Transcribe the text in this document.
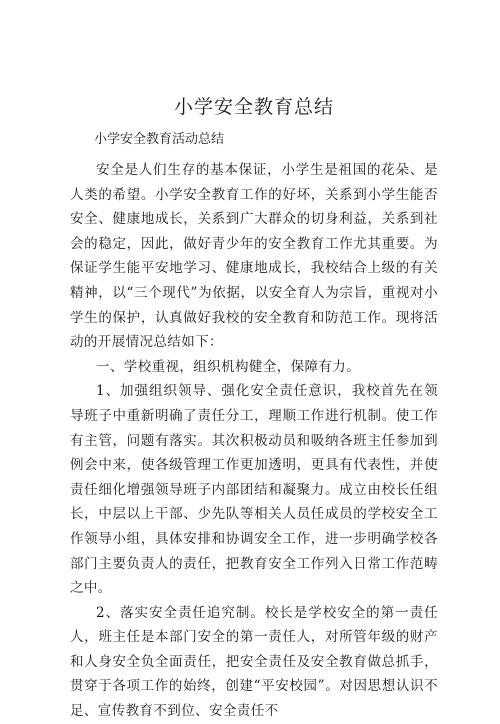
小学安全教育总结
小学安全教育活动总结

安全是人们生存的基本保证，小学生是祖国的花朵、是人类的希望。小学安全教育工作的好坏，关系到小学生能否安全、健康地成长，关系到广大群众的切身利益，关系到社会的稳定，因此，做好青少年的安全教育工作尤其重要。为保证学生能平安地学习、健康地成长，我校结合上级的有关精神，以“三个现代”为依据，以安全育人为宗旨，重视对小学生的保护，认真做好我校的安全教育和防范工作。现将活动的开展情况总结如下：

一、学校重视，组织机构健全，保障有力。

1、加强组织领导、强化安全责任意识，我校首先在领导班子中重新明确了责任分工，理顺工作进行机制。使工作有主管，问题有落实。其次积极动员和吸纳各班主任参加到例会中来，使各级管理工作更加透明，更具有代表性，并使责任细化增强领导班子内部团结和凝聚力。成立由校长任组长，中层以上干部、少先队等相关人员任成员的学校安全工作领导小组，具体安排和协调安全工作，进一步明确学校各部门主要负责人的责任，把教育安全工作列入日常工作范畴之中。

2、落实安全责任追究制。校长是学校安全的第一责任人，班主任是本部门安全的第一责任人，对所管年级的财产和人身安全负全面责任，把安全责任及安全教育做总抓手，贯穿于各项工作的始终，创建“平安校园”。对因思想认识不足、宣传教育不到位、安全责任不
